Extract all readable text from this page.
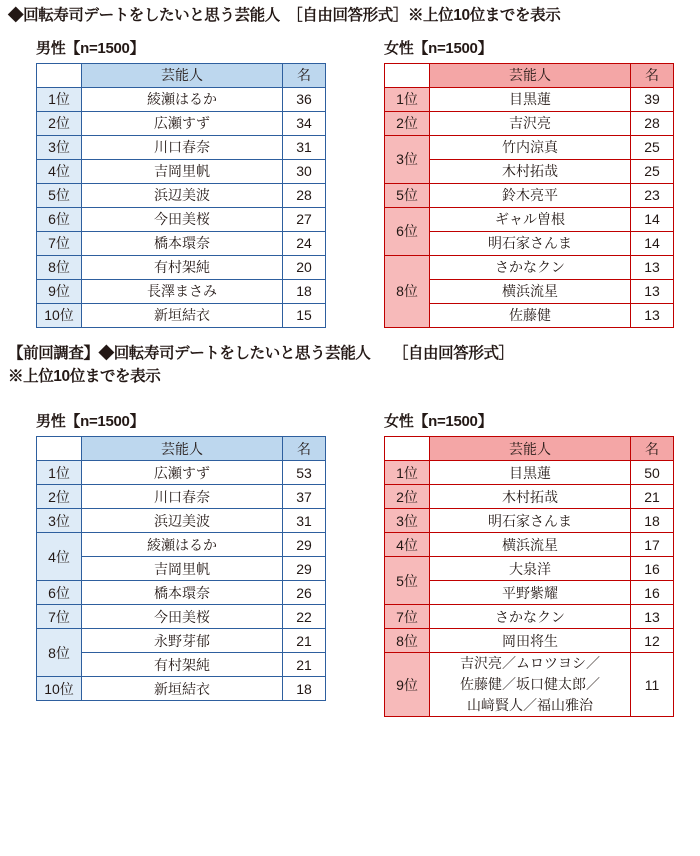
◆回転寿司デートをしたいと思う芸能人　［自由回答形式］※上位10位までを表示
男性【n=1500】
	芸能人	名
1位	綾瀬はるか	36
2位	広瀬すず	34
3位	川口春奈	31
4位	吉岡里帆	30
5位	浜辺美波	28
6位	今田美桜	27
7位	橋本環奈	24
8位	有村架純	20
9位	長澤まさみ	18
10位	新垣結衣	15
女性【n=1500】
	芸能人	名
1位	目黒蓮	39
2位	吉沢亮	28
3位	竹内涼真	25
	木村拓哉	25
5位	鈴木亮平	23
6位	ギャル曽根	14
	明石家さんま	14
8位	さかなクン	13
	横浜流星	13
	佐藤健	13
【前回調査】◆回転寿司デートをしたいと思う芸能人　　［自由回答形式］
※上位10位までを表示
男性【n=1500】
	芸能人	名
1位	広瀬すず	53
2位	川口春奈	37
3位	浜辺美波	31
4位	綾瀬はるか	29
	吉岡里帆	29
6位	橋本環奈	26
7位	今田美桜	22
8位	永野芽郁	21
	有村架純	21
10位	新垣結衣	18
女性【n=1500】
	芸能人	名
1位	目黒蓮	50
2位	木村拓哉	21
3位	明石家さんま	18
4位	横浜流星	17
5位	大泉洋	16
	平野紫耀	16
7位	さかなクン	13
8位	岡田将生	12
9位	吉沢亮／ムロツヨシ／
佐藤健／坂口健太郎／
山﨑賢人／福山雅治	11
